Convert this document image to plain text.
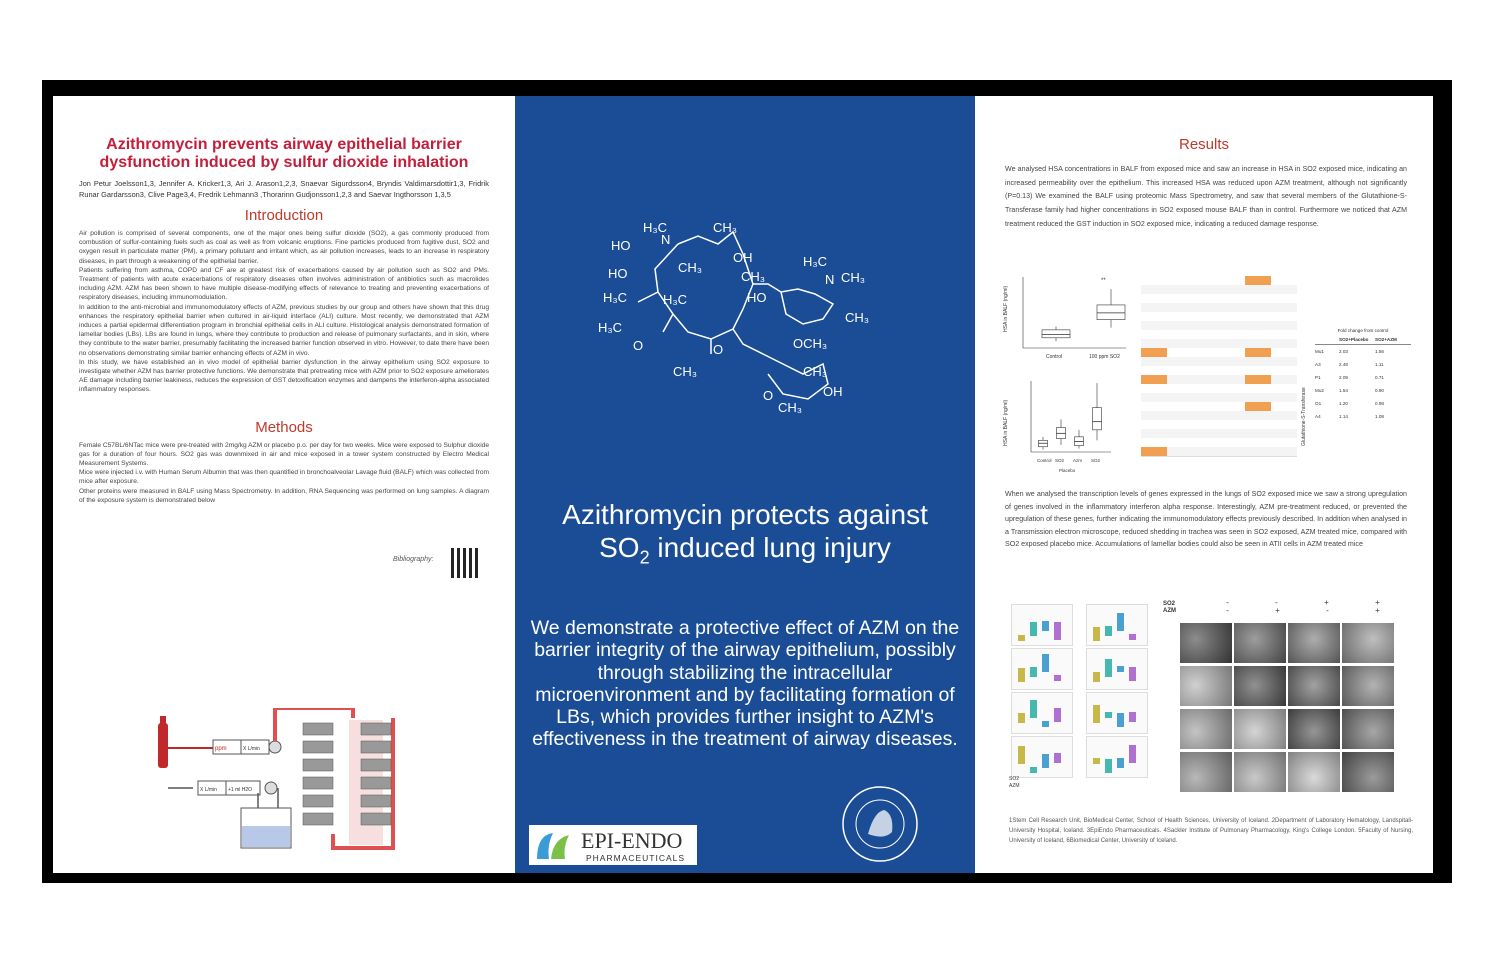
Azithromycin prevents airway epithelial barrier dysfunction induced by sulfur dioxide inhalation
Jon Petur Joelsson1,3, Jennifer A. Kricker1,3, Ari J. Arason1,2,3, Snaevar Sigurdsson4, Bryndis Valdimarsdottir1,3, Fridrik Runar Gardarsson3, Clive Page3,4, Fredrik Lehmann3 ,Thorarinn Gudjonsson1,2,3 and Saevar Ingthorsson 1,3,5
Introduction

Air pollution is comprised of several components, one of the major ones being sulfur dioxide (SO2), a gas commonly produced from combustion of sulfur-containing fuels such as coal as well as from volcanic eruptions. Fine particles produced from fugitive dust, SO2 and oxygen result in particulate matter (PM), a primary pollutant and irritant which, as air pollution increases, leads to an increase in respiratory diseases, in part through a weakening of the epithelial barrier.

Patients suffering from asthma, COPD and CF are at greatest risk of exacerbations caused by air pollution such as SO2 and PMs. Treatment of patients with acute exacerbations of respiratory diseases often involves administration of antibiotics such as macrolides including AZM. AZM has been shown to have multiple disease-modifying effects of relevance to treating and preventing exacerbations of respiratory diseases, including immunomodulation.

In addition to the anti-microbial and immunomodulatory effects of AZM, previous studies by our group and others have shown that this drug enhances the respiratory epithelial barrier when cultured in air-liquid interface (ALI) culture. Most recently, we demonstrated that AZM induces a partial epidermal differentiation program in bronchial epithelial cells in ALI culture. Histological analysis demonstrated formation of lamellar bodies (LBs). LBs are found in lungs, where they contribute to production and release of pulmonary surfactants, and in skin, where they contribute to the water barrier, presumably facilitating the increased barrier function observed in vitro. However, to date there have been no observations demonstrating similar barrier enhancing effects of AZM in vivo.

In this study, we have established an in vivo model of epithelial barrier dysfunction in the airway epithelium using SO2 exposure to investigate whether AZM has barrier protective functions. We demonstrate that pretreating mice with AZM prior to SO2 exposure ameliorates AE damage including barrier leakiness, reduces the expression of GST detoxification enzymes and dampens the interferon-alpha associated inflammatory responses.

Bibliography:
Methods

Female C57BL/6NTac mice were pre-treated with 2mg/kg AZM or placebo p.o. per day for two weeks. Mice were exposed to Sulphur dioxide gas for a duration of four hours. SO2 gas was downmixed in air and mice exposed in a tower system constructed by Electro Medical Measurement Systems.

Mice were injected i.v. with Human Serum Albumin that was then quantified in bronchoalveolar Lavage fluid (BALF) which was collected from mice after exposure.

Other proteins were measured in BALF using Mass Spectrometry. In addition, RNA Sequencing was performed on lung samples. A diagram of the exposure system is demonstrated below

ppm	X L/min
X L/min +1 ml H2O
H₃C
N
CH₃
HO
OH
CH₃
CH₃
HO
H₃C	H₃C
H₃C
HO
H₃C
N CH₃
CH₃
O	OCH₃
CH₃
OH
CH₃
CH₃
O
O
Azithromycin protects against
$SO_2$ induced lung injury
We demonstrate a protective effect of AZM on the barrier integrity of the airway epithelium, possibly through stabilizing the intracellular microenvironment and by facilitating formation of LBs, which provides further insight to AZM's effectiveness in the treatment of airway diseases.
EPI-ENDO
PHARMACEUTICALS
Results
We analysed HSA concentrations in BALF from exposed mice and saw an increase in HSA in SO2 exposed mice, indicating an increased permeability over the epithelium. This increased HSA was reduced upon AZM treatment, although not significantly (P=0.13) We examined the BALF using proteomic Mass Spectrometry, and saw that several members of the Glutathione-S-Transferase family had higher concentrations in SO2 exposed mouse BALF than in control. Furthermore we noticed that AZM treatment reduced the GST induction in SO2 exposed mice, indicating a reduced damage response.
HSA in BALF (ng/ml)
Control	100 ppm SO2
**
HSA in BALF (ng/ml)
Placebo
Control SO2 Azm SO2
Glutathione-S-Transferase
Fold change from control
SO2+Placebo	SO2+AZM
Mu1	2.03	1.56
A3	2.48	1.11
P1	2.09	0.71
Mu2	1.54	0.90
O1	1.20	0.98
A4	1.14	1.08
When we analysed the transcription levels of genes expressed in the lungs of SO2 exposed mice we saw a strong upregulation of genes involved in the inflammatory interferon alpha response. Interestingly, AZM pre-treatment reduced, or prevented the upregulation of these genes, further indicating the immunomodulatory effects previously described. In addition when analysed in a Transmission electron microscope, reduced shedding in trachea was seen in SO2 exposed, AZM treated mice, compared with SO2 exposed placebo mice. Accumulations of lamellar bodies could also be seen in ATII cells in AZM treated mice
SO2
AZM
SO2
AZM
-	-	+	+
-	+	-	+
1Stem Cell Research Unit, BioMedical Center, School of Health Sciences, University of Iceland. 2Department of Laboratory Hematology, Landspitali-University Hospital, Iceland. 3EpiEndo Pharmaceuticals. 4Sackler Institute of Pulmonary Pharmacology, King's College London. 5Faculty of Nursing, University of Iceland, 6Biomedical Center, University of Iceland.
